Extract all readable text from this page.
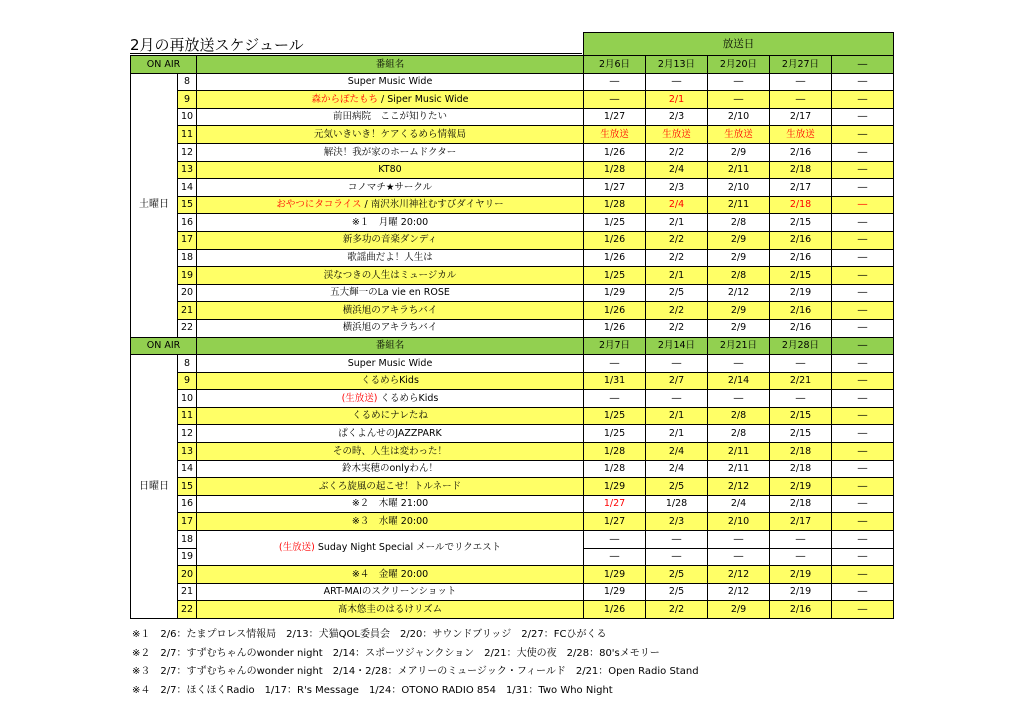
2月の再放送スケジュール
			放送日				
ON AIR		番組名	2月6日	2月13日	2月20日	2月27日	―
土曜日	8	Super Music Wide	―	―	―	―	―
	9	森からぽたもち / Siper Music Wide	―	2/1	―	―	―
	10	前田病院　ここが知りたい	1/27	2/3	2/10	2/17	―
	11	元気いきいき！ケアくるめら情報局	生放送	生放送	生放送	生放送	―
	12	解決！我が家のホームドクター	1/26	2/2	2/9	2/16	―
	13	KT80	1/28	2/4	2/11	2/18	―
	14	コノマチ★サークル	1/27	2/3	2/10	2/17	―
	15	おやつにタコライス / 南沢氷川神社むすびダイヤリー	1/28	2/4	2/11	2/18	―
	16	※１　月曜 20:00	1/25	2/1	2/8	2/15	―
	17	新多功の音楽ダンディ	1/26	2/2	2/9	2/16	―
	18	歌謡曲だよ！人生は	1/26	2/2	2/9	2/16	―
	19	渓なつきの人生はミュージカル	1/25	2/1	2/8	2/15	―
	20	五大輝一のLa vie en ROSE	1/29	2/5	2/12	2/19	―
	21	横浜旭のアキラちバイ	1/26	2/2	2/9	2/16	―
	22	横浜旭のアキラちバイ	1/26	2/2	2/9	2/16	―
ON AIR		番組名	2月7日	2月14日	2月21日	2月28日	―
日曜日	8	Super Music Wide	―	―	―	―	―
	9	くるめらKids	1/31	2/7	2/14	2/21	―
	10	(生放送) くるめらKids	―	―	―	―	―
	11	くるめにナレたね	1/25	2/1	2/8	2/15	―
	12	ぱくよんせのJAZZPARK	1/25	2/1	2/8	2/15	―
	13	その時、人生は変わった！	1/28	2/4	2/11	2/18	―
	14	鈴木実穂のonlyわん！	1/28	2/4	2/11	2/18	―
	15	ぶくろ旋風の起こせ！トルネード	1/29	2/5	2/12	2/19	―
	16	※２　木曜 21:00	1/27	1/28	2/4	2/18	―
	17	※３　水曜 20:00	1/27	2/3	2/10	2/17	―
	18	(生放送) Suday Night Special メールでリクエスト	―	―	―	―	―
	19		―	―	―	―	―
	20	※４　金曜 20:00	1/29	2/5	2/12	2/19	―
	21	ART-MAIのスクリーンショット	1/29	2/5	2/12	2/19	―
	22	髙木悠圭のはるけリズム	1/26	2/2	2/9	2/16	―
※１　2/6：たまプロレス情報局　2/13：犬猫QOL委員会　2/20：サウンドブリッジ　2/27：FCひがくる
※２　2/7：すずむちゃんのwonder night　2/14：スポーツジャンクション　2/21：大使の夜　2/28：80'sメモリー
※３　2/7：すずむちゃんのwonder night　2/14・2/28：メアリーのミュージック・フィールド　2/21：Open Radio Stand
※４　2/7：ほくほくRadio　1/17：R's Message　1/24：OTONO RADIO 854　1/31：Two Who Night
